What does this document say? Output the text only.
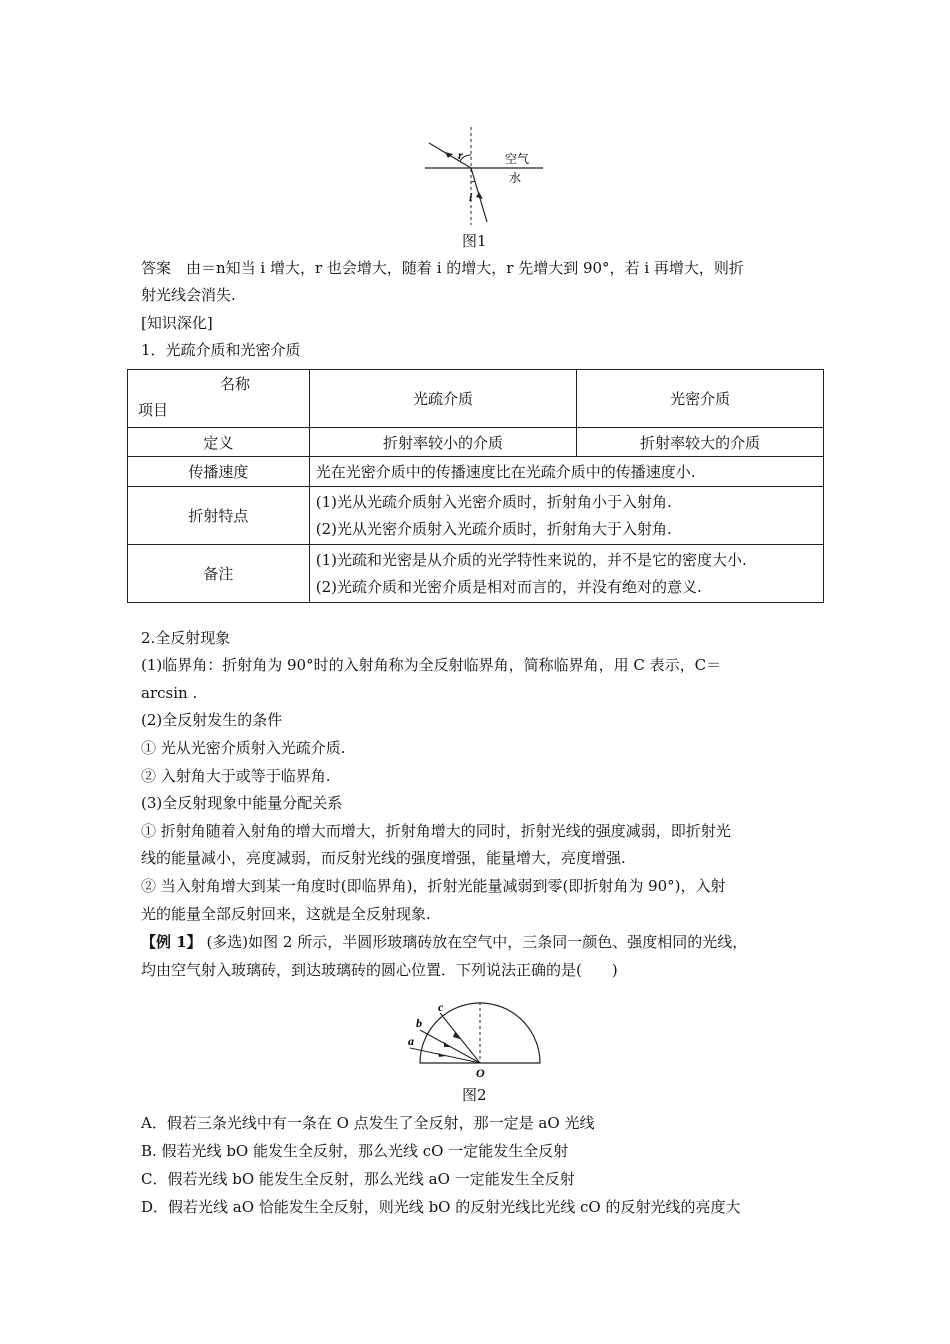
r
i
空气
水
图1
答案　由＝n知当 i 增大，r 也会增大，随着 i 的增大，r 先增大到 90°，若 i 再增大，则折
射光线会消失.
[知识深化]
1．光疏介质和光密介质
名称
项目	光疏介质	光密介质
定义	折射率较小的介质	折射率较大的介质
传播速度	光在光密介质中的传播速度比在光疏介质中的传播速度小.	
折射特点	(1)光从光疏介质射入光密介质时，折射角小于入射角.
(2)光从光密介质射入光疏介质时，折射角大于入射角.	

备注	(1)光疏和光密是从介质的光学特性来说的，并不是它的密度大小.
(2)光疏介质和光密介质是相对而言的，并没有绝对的意义.	
2.全反射现象
(1)临界角：折射角为 90°时的入射角称为全反射临界角，简称临界角，用 C 表示，C＝
arcsin .
(2)全反射发生的条件
① 光从光密介质射入光疏介质.
② 入射角大于或等于临界角.
(3)全反射现象中能量分配关系
① 折射角随着入射角的增大而增大，折射角增大的同时，折射光线的强度减弱，即折射光
线的能量减小，亮度减弱，而反射光线的强度增强，能量增大，亮度增强.
② 当入射角增大到某一角度时(即临界角)，折射光能量减弱到零(即折射角为 90°)，入射
光的能量全部反射回来，这就是全反射现象.
【例 1】 (多选)如图 2 所示，半圆形玻璃砖放在空气中，三条同一颜色、强度相同的光线，
均由空气射入玻璃砖，到达玻璃砖的圆心位置．下列说法正确的是(　　)
a
b
c
O
图2
A．假若三条光线中有一条在 O 点发生了全反射，那一定是 aO 光线
B. 假若光线 bO 能发生全反射，那么光线 cO 一定能发生全反射
C．假若光线 bO 能发生全反射，那么光线 aO 一定能发生全反射
D．假若光线 aO 恰能发生全反射，则光线 bO 的反射光线比光线 cO 的反射光线的亮度大
